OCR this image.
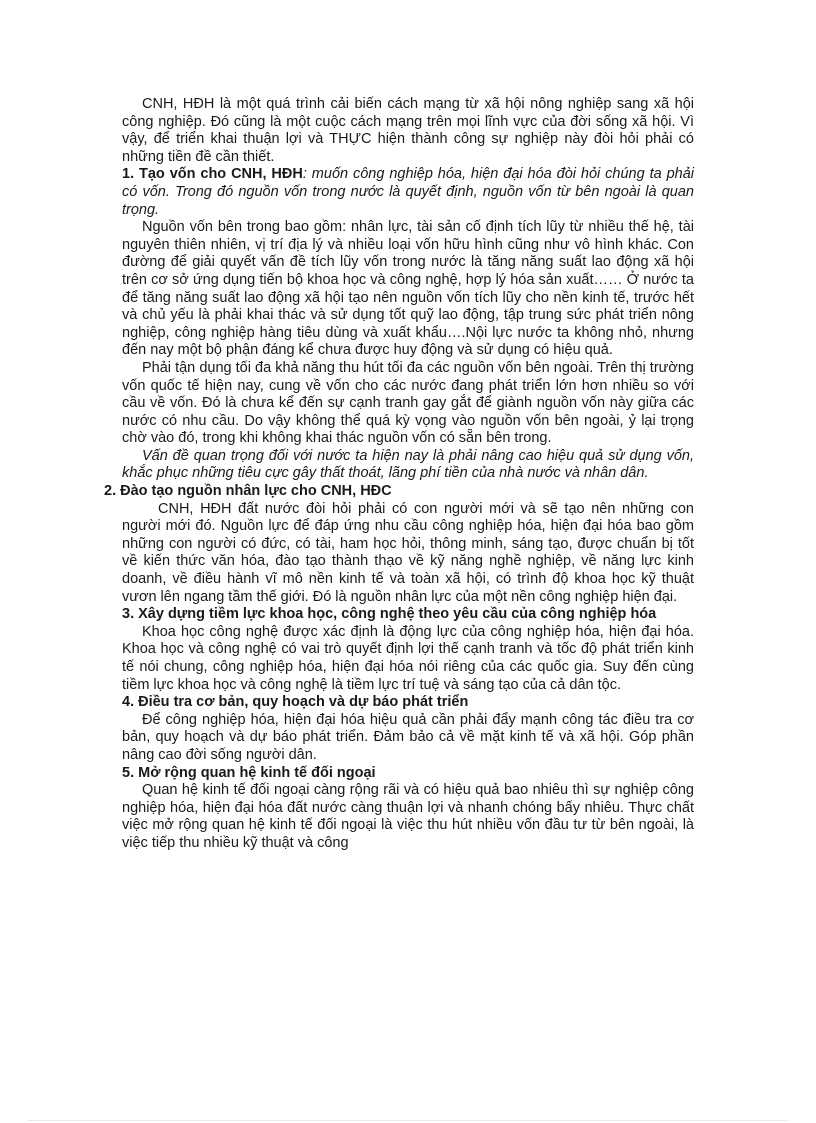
CNH, HĐH là một quá trình cải biến cách mạng từ xã hội nông nghiệp sang xã hội công nghiệp. Đó cũng là một cuộc cách mạng trên mọi lĩnh vực của đời sống xã hội. Vì vậy, để triển khai thuận lợi và THỰC hiện thành công sự nghiệp này đòi hỏi phải có những tiền đề cần thiết.

1. Tạo vốn cho CNH, HĐH: muốn công nghiệp hóa, hiện đại hóa đòi hỏi chúng ta phải có vốn. Trong đó nguồn vốn trong nước là quyết định, nguồn vốn từ bên ngoài là quan trọng.

Nguồn vốn bên trong bao gồm: nhân lực, tài sản cố định tích lũy từ nhiều thế hệ, tài nguyên thiên nhiên, vị trí địa lý và nhiều loại vốn hữu hình cũng như vô hình khác. Con đường để giải quyết vấn đề tích lũy vốn trong nước là tăng năng suất lao động xã hội trên cơ sở ứng dụng tiến bộ khoa học và công nghệ, hợp lý hóa sản xuất…… Ở nước ta để tăng năng suất lao động xã hội tạo nên nguồn vốn tích lũy cho nền kinh tế, trước hết và chủ yếu là phải khai thác và sử dụng tốt quỹ lao động, tập trung sức phát triển nông nghiệp, công nghiệp hàng tiêu dùng và xuất khẩu….Nội lực nước ta không nhỏ, nhưng đến nay một bộ phận đáng kể chưa được huy động và sử dụng có hiệu quả.

Phải tận dụng tối đa khả năng thu hút tối đa các nguồn vốn bên ngoài. Trên thị trường vốn quốc tế hiện nay, cung về vốn cho các nước đang phát triển lớn hơn nhiều so với cầu về vốn. Đó là chưa kể đến sự cạnh tranh gay gắt để giành nguồn vốn này giữa các nước có nhu cầu. Do vậy không thể quá kỳ vọng vào nguồn vốn bên ngoài, ỷ lại trọng chờ vào đó, trong khi không khai thác nguồn vốn có sẵn bên trong.

Vấn đề quan trọng đối với nước ta hiện nay là phải nâng cao hiệu quả sử dụng vốn, khắc phục những tiêu cực gây thất thoát, lãng phí tiền của nhà nước và nhân dân.

2. Đào tạo nguồn nhân lực cho CNH, HĐC

CNH, HĐH đất nước đòi hỏi phải có con người mới và sẽ tạo nên những con người mới đó. Nguồn lực để đáp ứng nhu cầu công nghiệp hóa, hiện đại hóa bao gồm những con người có đức, có tài, ham học hỏi, thông minh, sáng tạo, được chuẩn bị tốt về kiến thức văn hóa, đào tạo thành thạo về kỹ năng nghề nghiệp, về năng lực kinh doanh, về điều hành vĩ mô nền kinh tế và toàn xã hội, có trình độ khoa học kỹ thuật vươn lên ngang tầm thế giới. Đó là nguồn nhân lực của một nền công nghiệp hiện đại.

3. Xây dựng tiềm lực khoa học, công nghệ theo yêu cầu của công nghiệp hóa

Khoa học công nghệ được xác định là động lực của công nghiệp hóa, hiện đại hóa. Khoa học và công nghệ có vai trò quyết định lợi thế cạnh tranh và tốc độ phát triển kinh tế nói chung, công nghiệp hóa, hiện đại hóa nói riêng của các quốc gia. Suy đến cùng tiềm lực khoa học và công nghệ là tiềm lực trí tuệ và sáng tạo của cả dân tộc.

4. Điều tra cơ bản, quy hoạch và dự báo phát triển

Để công nghiệp hóa, hiện đại hóa hiệu quả cần phải đẩy mạnh công tác điều tra cơ bản, quy hoạch và dự báo phát triển. Đảm bảo cả về mặt kinh tế và xã hội. Góp phần nâng cao đời sống người dân.

5. Mở rộng quan hệ kinh tế đối ngoại

Quan hệ kinh tế đối ngoại càng rộng rãi và có hiệu quả bao nhiêu thì sự nghiệp công nghiệp hóa, hiện đại hóa đất nước càng thuận lợi và nhanh chóng bấy nhiêu. Thực chất việc mở rộng quan hệ kinh tế đối ngoại là việc thu hút nhiều vốn đầu tư từ bên ngoài, là việc tiếp thu nhiều kỹ thuật và công
